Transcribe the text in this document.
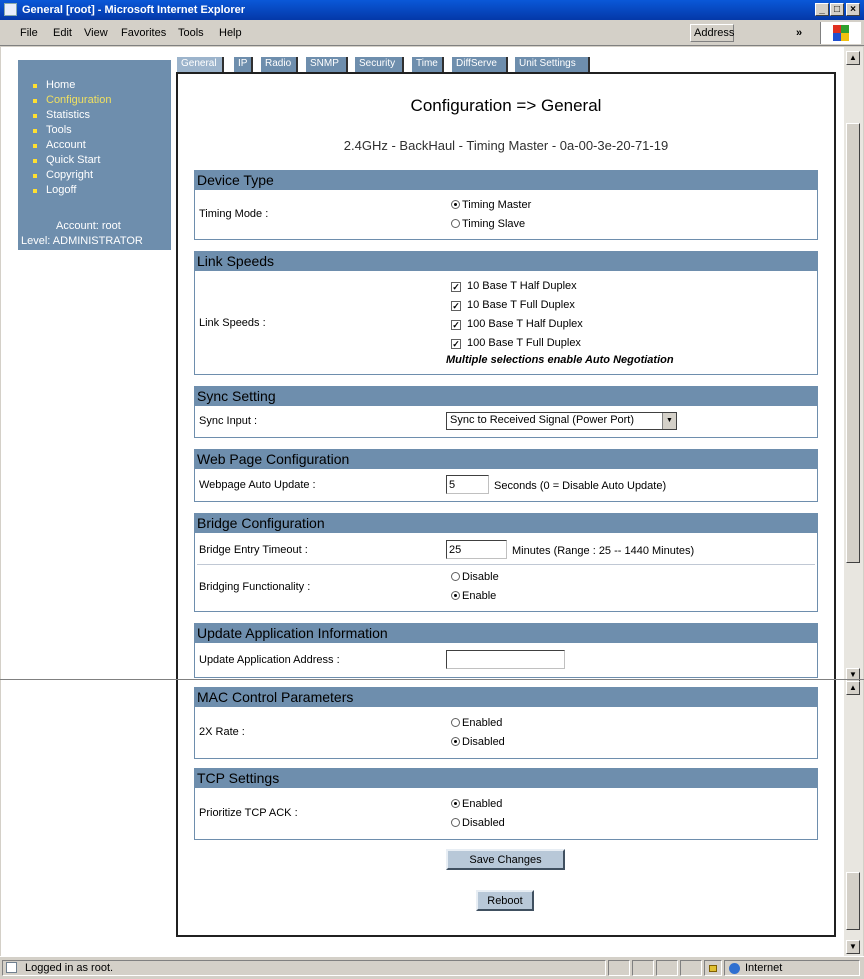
General [root] - Microsoft Internet Explorer	_ □	×
File Edit View Favorites Tools Help	Address	»
Home
Configuration
Statistics
Tools
Account
Quick Start
Copyright
Logoff
Account: root
Level: ADMINISTRATOR
General	IP	Radio	SNMP	Security	Time	DiffServe	Unit Settings
Configuration => General
2.4GHz - BackHaul - Timing Master - 0a-00-3e-20-71-19
Device Type
Timing Mode :
Timing Master
Timing Slave
Link Speeds
Link Speeds :
✓ 10 Base T Half Duplex
✓ 10 Base T Full Duplex
✓ 100 Base T Half Duplex
✓ 100 Base T Full Duplex
Multiple selections enable Auto Negotiation
Sync Setting
Sync Input :	Sync to Received Signal (Power Port)	▼
Web Page Configuration
Webpage Auto Update :
5	Seconds (0 = Disable Auto Update)
Bridge Configuration
Bridge Entry Timeout :
25	Minutes (Range : 25 -- 1440 Minutes)
Bridging Functionality :
Disable
Enable
Update Application Information
Update Application Address :
MAC Control Parameters
2X Rate :
Enabled
Disabled
TCP Settings
Prioritize TCP ACK :
Enabled
Disabled
Save Changes
Reboot
▲
▼
▲
▼
Logged in as root.	Internet
